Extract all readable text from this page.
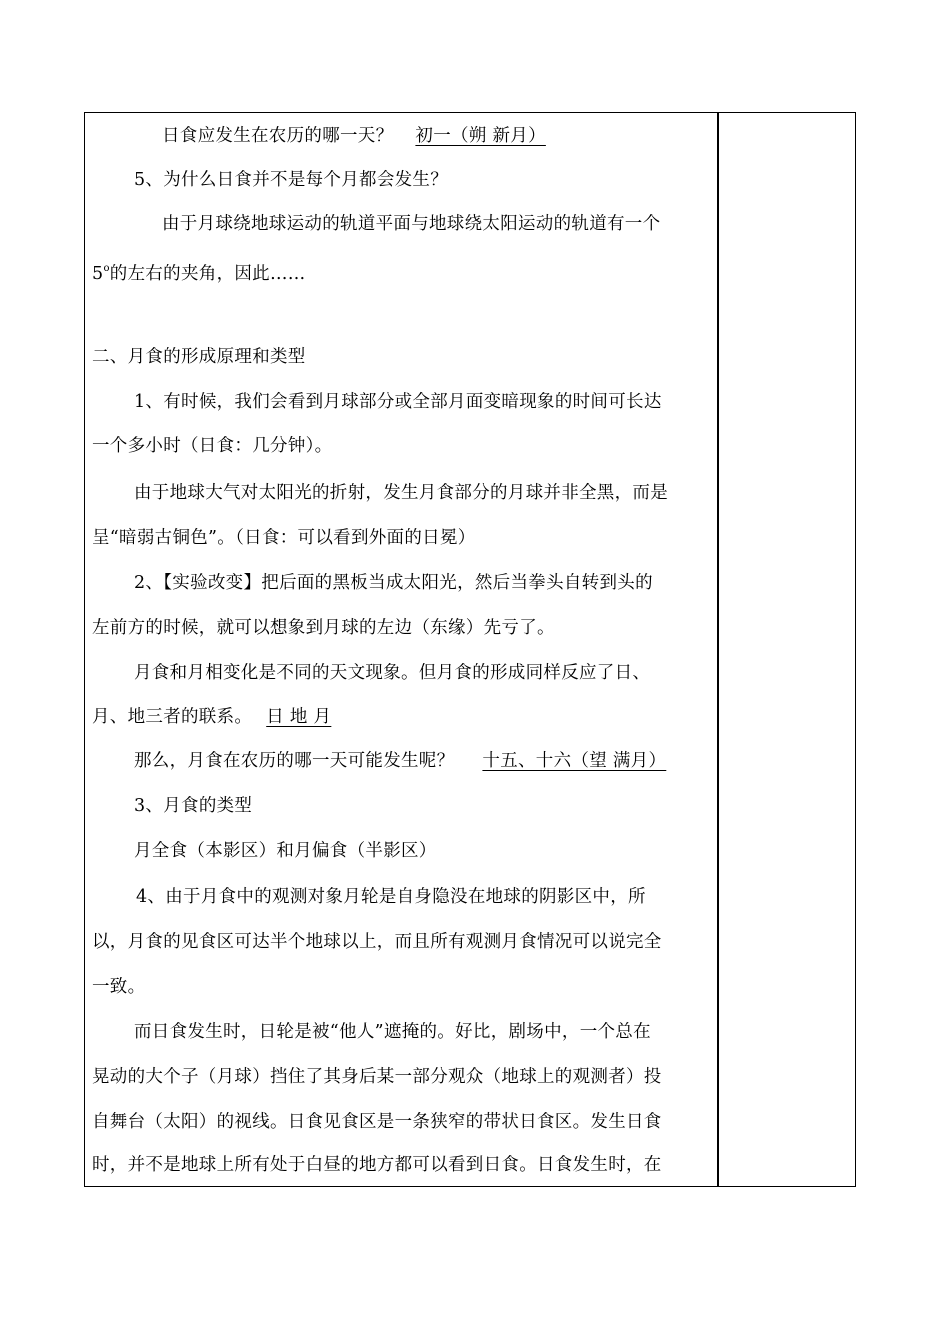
日食应发生在农历的哪一天？ 初一（朔 新月）
5、为什么日食并不是每个月都会发生？
由于月球绕地球运动的轨道平面与地球绕太阳运动的轨道有一个
5$^o$的左右的夹角，因此……
二、月食的形成原理和类型
1、有时候，我们会看到月球部分或全部月面变暗现象的时间可长达
一个多小时（日食：几分钟）。
由于地球大气对太阳光的折射，发生月食部分的月球并非全黑，而是
呈“暗弱古铜色”。（日食：可以看到外面的日冕）
2、【实验改变】把后面的黑板当成太阳光，然后当拳头自转到头的
左前方的时候，就可以想象到月球的左边（东缘）先亏了。
月食和月相变化是不同的天文现象。但月食的形成同样反应了日、
月、地三者的联系。 日 地 月
那么，月食在农历的哪一天可能发生呢？ 十五、十六（望 满月）
3、月食的类型
月全食（本影区）和月偏食（半影区）
4、由于月食中的观测对象月轮是自身隐没在地球的阴影区中，所
以，月食的见食区可达半个地球以上，而且所有观测月食情况可以说完全
一致。
而日食发生时，日轮是被“他人”遮掩的。好比，剧场中，一个总在
晃动的大个子（月球）挡住了其身后某一部分观众（地球上的观测者）投
自舞台（太阳）的视线。日食见食区是一条狭窄的带状日食区。发生日食
时，并不是地球上所有处于白昼的地方都可以看到日食。日食发生时，在
